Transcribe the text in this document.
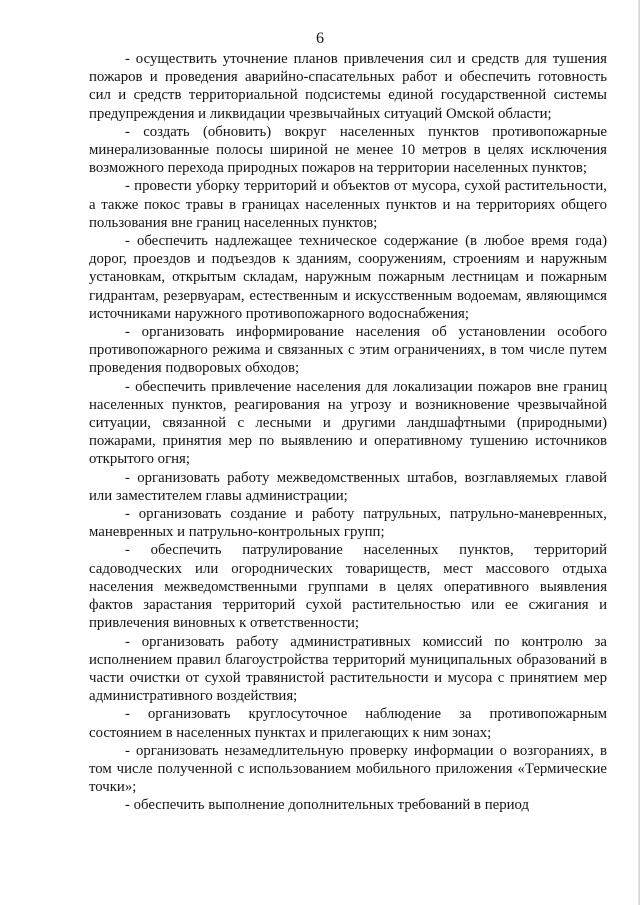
6

- осуществить уточнение планов привлечения сил и средств для тушения пожаров и проведения аварийно-спасательных работ и обеспечить готовность сил и средств территориальной подсистемы единой государственной системы предупреждения и ликвидации чрезвычайных ситуаций Омской области;

- создать (обновить) вокруг населенных пунктов противопожарные минерализованные полосы шириной не менее 10 метров в целях исключения возможного перехода природных пожаров на территории населенных пунктов;

- провести уборку территорий и объектов от мусора, сухой растительности, а также покос травы в границах населенных пунктов и на территориях общего пользования вне границ населенных пунктов;

- обеспечить надлежащее техническое содержание (в любое время года) дорог, проездов и подъездов к зданиям, сооружениям, строениям и наружным установкам, открытым складам, наружным пожарным лестницам и пожарным гидрантам, резервуарам, естественным и искусственным водоемам, являющимся источниками наружного противопожарного водоснабжения;

- организовать информирование населения об установлении особого противопожарного режима и связанных с этим ограничениях, в том числе путем проведения подворовых обходов;

- обеспечить привлечение населения для локализации пожаров вне границ населенных пунктов, реагирования на угрозу и возникновение чрезвычайной ситуации, связанной с лесными и другими ландшафтными (природными) пожарами, принятия мер по выявлению и оперативному тушению источников открытого огня;

- организовать работу межведомственных штабов, возглавляемых главой или заместителем главы администрации;

- организовать создание и работу патрульных, патрульно-маневренных, маневренных и патрульно-контрольных групп;

- обеспечить патрулирование населенных пунктов, территорий садоводческих или огороднических товариществ, мест массового отдыха населения межведомственными группами в целях оперативного выявления фактов зарастания территорий сухой растительностью или ее сжигания и привлечения виновных к ответственности;

- организовать работу административных комиссий по контролю за исполнением правил благоустройства территорий муниципальных образований в части очистки от сухой травянистой растительности и мусора с принятием мер административного воздействия;

- организовать круглосуточное наблюдение за противопожарным состоянием в населенных пунктах и прилегающих к ним зонах;

- организовать незамедлительную проверку информации о возгораниях, в том числе полученной с использованием мобильного приложения «Термические точки»;

- обеспечить выполнение дополнительных требований в период
